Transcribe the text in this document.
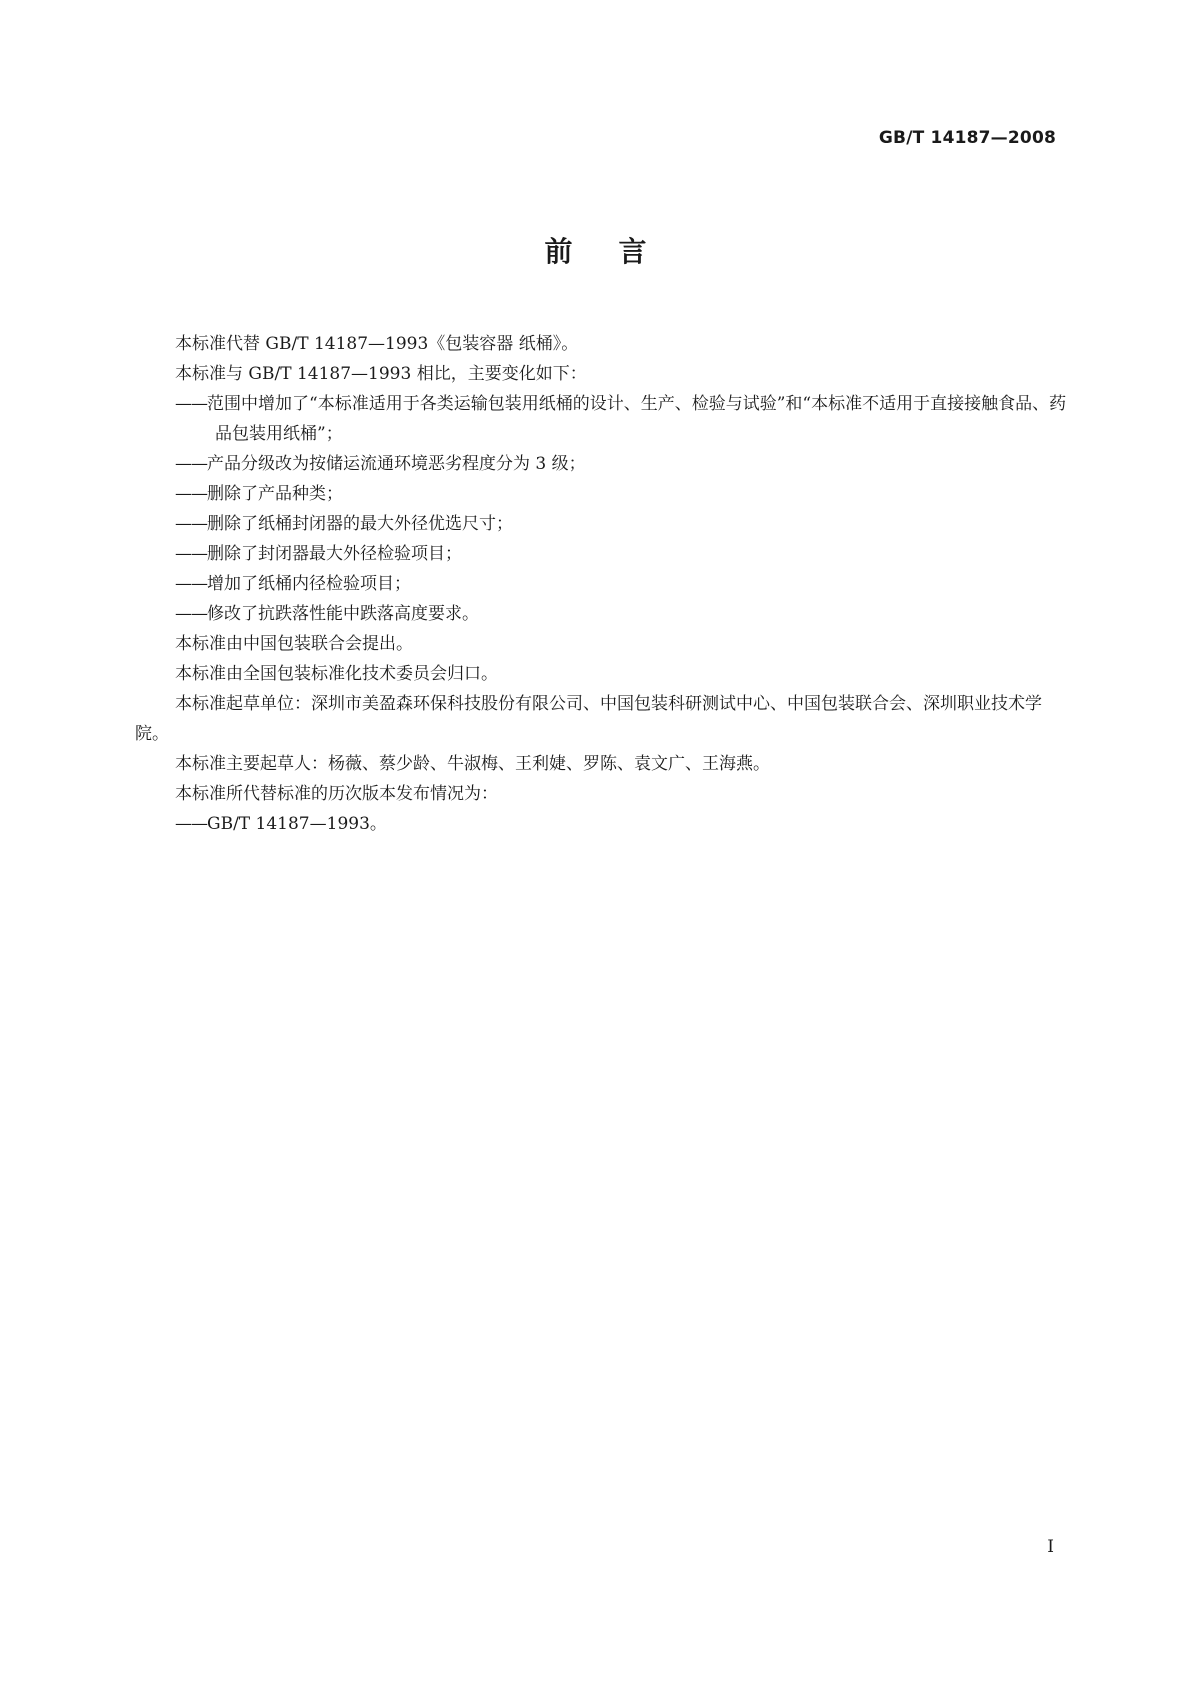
GB/T 14187—2008
前言

本标准代替 GB/T 14187—1993《包装容器 纸桶》。

本标准与 GB/T 14187—1993 相比，主要变化如下：

——范围中增加了“本标准适用于各类运输包装用纸桶的设计、生产、检验与试验”和“本标准不适用于直接接触食品、药品包装用纸桶”；

——产品分级改为按储运流通环境恶劣程度分为 3 级；

——删除了产品种类；

——删除了纸桶封闭器的最大外径优选尺寸；

——删除了封闭器最大外径检验项目；

——增加了纸桶内径检验项目；

——修改了抗跌落性能中跌落高度要求。

本标准由中国包装联合会提出。

本标准由全国包装标准化技术委员会归口。

本标准起草单位：深圳市美盈森环保科技股份有限公司、中国包装科研测试中心、中国包装联合会、深圳职业技术学院。

本标准主要起草人：杨薇、蔡少龄、牛淑梅、王利婕、罗陈、袁文广、王海燕。

本标准所代替标准的历次版本发布情况为：

——GB/T 14187—1993。

I
